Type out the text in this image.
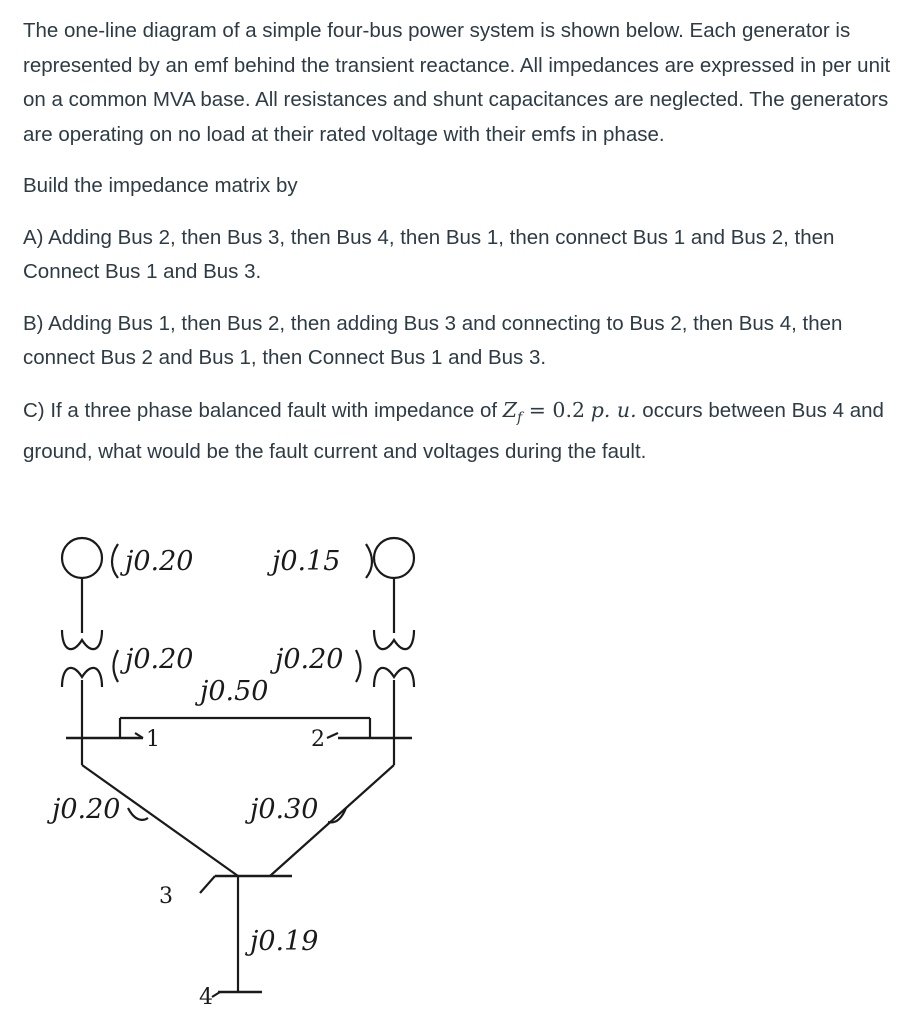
The one-line diagram of a simple four-bus power system is shown below. Each generator is represented by an emf behind the transient reactance. All impedances are expressed in per unit on a common MVA base. All resistances and shunt capacitances are neglected. The generators are operating on no load at their rated voltage with their emfs in phase.

Build the impedance matrix by

A) Adding Bus 2, then Bus 3, then Bus 4, then Bus 1, then connect Bus 1 and Bus 2, then Connect Bus 1 and Bus 3.

B) Adding Bus 1, then Bus 2, then adding Bus 3 and connecting to Bus 2, then Bus 4, then connect Bus 2 and Bus 1, then Connect Bus 1 and Bus 3.

C) If a three phase balanced fault with impedance of $Z_f = 0.2$ p. u. occurs between Bus 4 and ground, what would be the fault current and voltages during the fault.

j0.20	j0.15
j0.20	j0.20
j0.50
j0.20	j0.30
j0.19
1	2
3
4
